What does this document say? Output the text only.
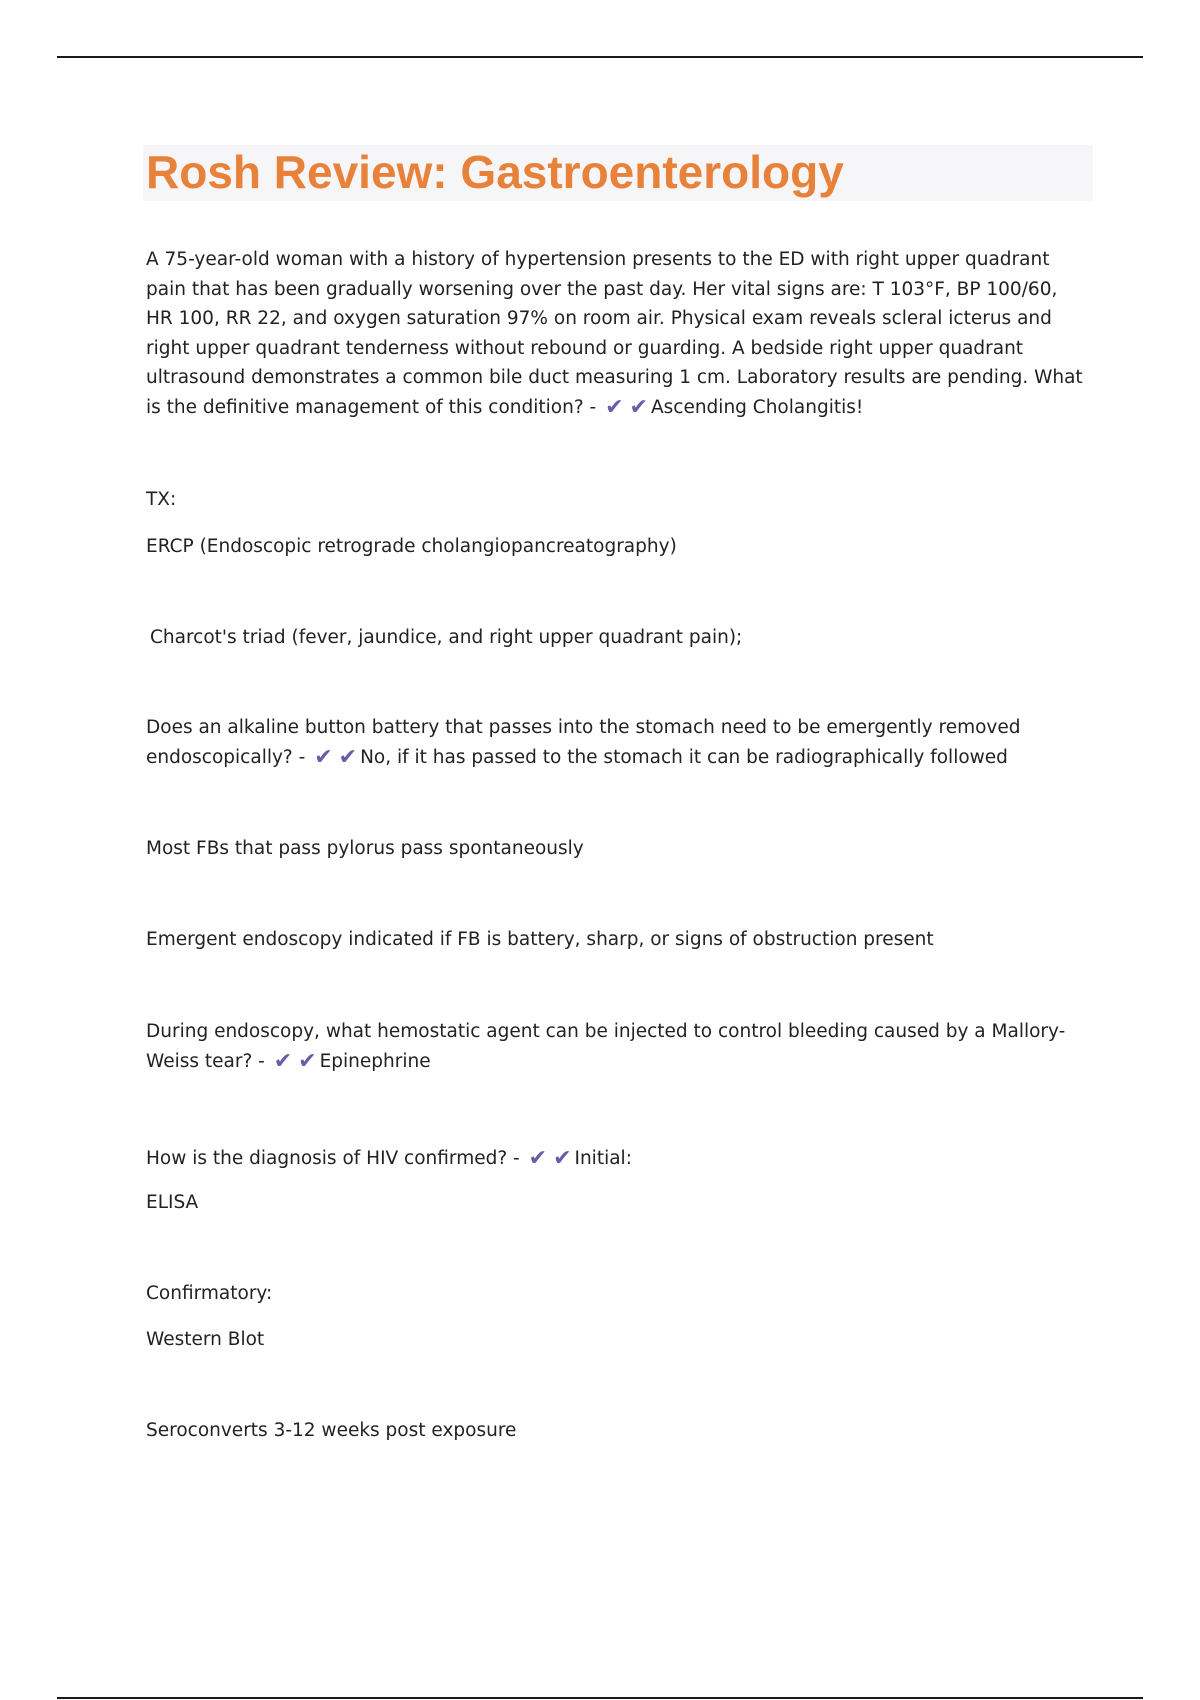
Rosh Review: Gastroenterology

A 75-year-old woman with a history of hypertension presents to the ED with right upper quadrant pain that has been gradually worsening over the past day. Her vital signs are: T 103°F, BP 100/60, HR 100, RR 22, and oxygen saturation 97% on room air. Physical exam reveals scleral icterus and right upper quadrant tenderness without rebound or guarding. A bedside right upper quadrant ultrasound demonstrates a common bile duct measuring 1 cm. Laboratory results are pending. What is the definitive management of this condition? - ✔ ✔ Ascending Cholangitis!

TX:

ERCP (Endoscopic retrograde cholangiopancreatography)

Charcot's triad (fever, jaundice, and right upper quadrant pain);

Does an alkaline button battery that passes into the stomach need to be emergently removed endoscopically? - ✔ ✔ No, if it has passed to the stomach it can be radiographically followed

Most FBs that pass pylorus pass spontaneously

Emergent endoscopy indicated if FB is battery, sharp, or signs of obstruction present

During endoscopy, what hemostatic agent can be injected to control bleeding caused by a Mallory-Weiss tear? - ✔ ✔ Epinephrine

How is the diagnosis of HIV confirmed? - ✔ ✔ Initial:

ELISA

Confirmatory:

Western Blot

Seroconverts 3-12 weeks post exposure
